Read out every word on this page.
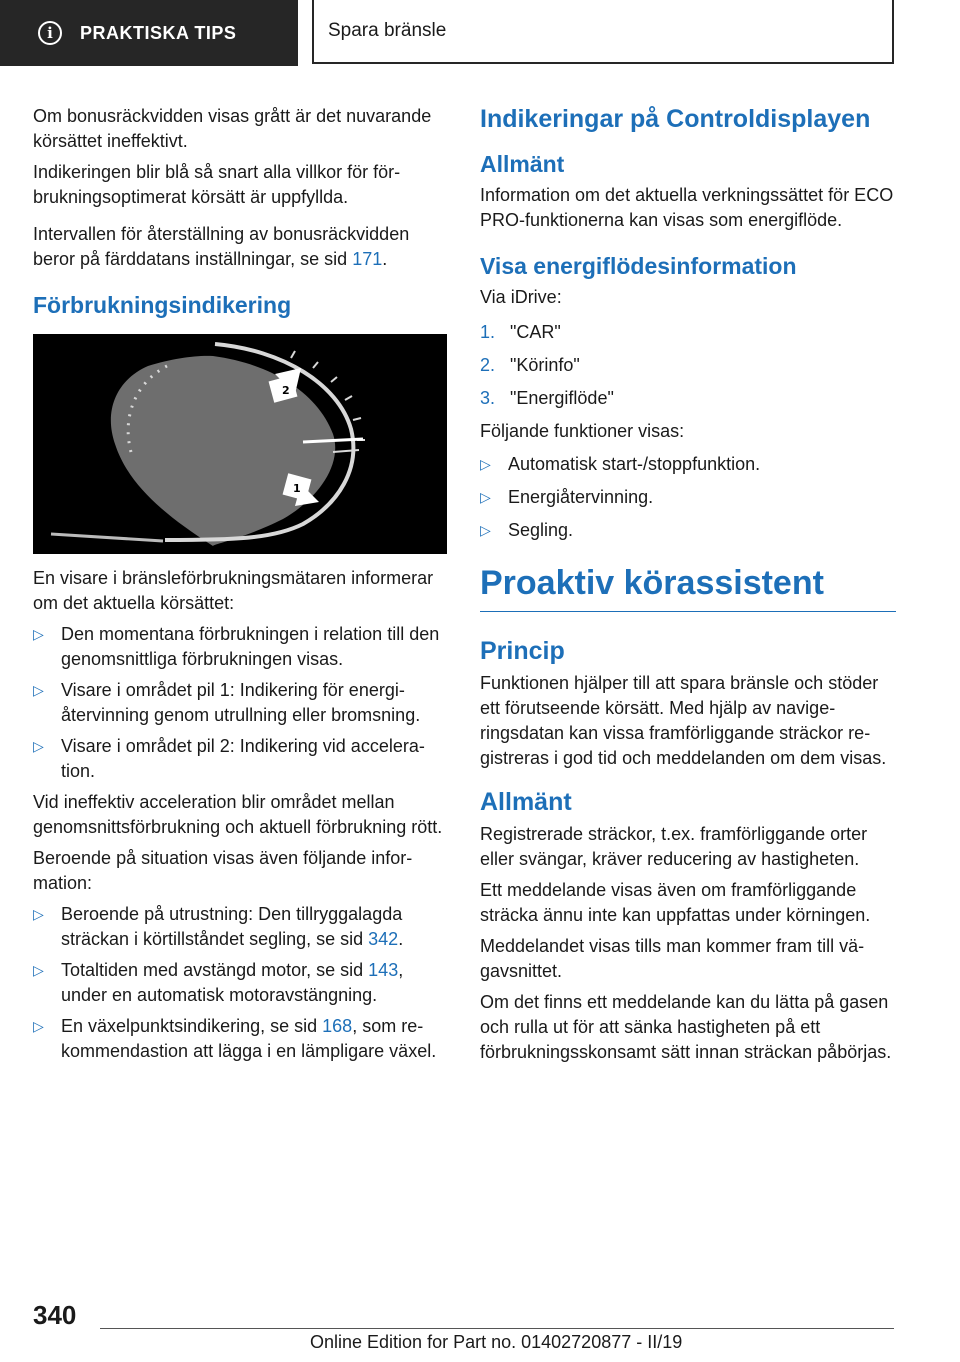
i	PRAKTISKA TIPS	Spara bränsle

Om bonusräckvidden visas grått är det nuvarande körsättet ineffektivt.

Indikeringen blir blå så snart alla villkor för förbrukningsoptimerat körsätt är uppfyllda.

Intervallen för återställning av bonusräckvidden beror på färddatans inställningar, se sid 171.

Förbrukningsindikering
2
1

En visare i bränsleförbrukningsmätaren informerar om det aktuella körsättet:

▷ Den momentana förbrukningen i relation till den genomsnittliga förbrukningen visas.
▷ Visare i området pil 1: Indikering för energiåtervinning genom utrullning eller bromsning.
▷ Visare i området pil 2: Indikering vid acceleration.

Vid ineffektiv acceleration blir området mellan genomsnittsförbrukning och aktuell förbrukning rött.

Beroende på situation visas även följande information:

▷ Beroende på utrustning: Den tillryggalagda sträckan i körtillståndet segling, se sid 342.
▷ Totaltiden med avstängd motor, se sid 143, under en automatisk motoravstängning.
▷ En växelpunktsindikering, se sid 168, som rekommendastion att lägga i en lämpligare växel.
Indikeringar på Controldisplayen
Allmänt

Information om det aktuella verkningssättet för ECO PRO-funktionerna kan visas som energiflöde.

Visa energiflödesinformation

Via iDrive:

1. "CAR"
2. "Körinfo"
3. "Energiflöde"

Följande funktioner visas:

▷ Automatisk start-/stoppfunktion.
▷ Energiåtervinning.
▷ Segling.
Proaktiv körassistent
Princip

Funktionen hjälper till att spara bränsle och stöder ett förutseende körsätt. Med hjälp av navigeringsdatan kan vissa framförliggande sträckor registreras i god tid och meddelanden om dem visas.

Allmänt

Registrerade sträckor, t.ex. framförliggande orter eller svängar, kräver reducering av hastigheten.

Ett meddelande visas även om framförliggande sträcka ännu inte kan uppfattas under körningen.

Meddelandet visas tills man kommer fram till vägavsnittet.

Om det finns ett meddelande kan du lätta på gasen och rulla ut för att sänka hastigheten på ett förbrukningsskonsamt sätt innan sträckan påbörjas.

340
Online Edition for Part no. 01402720877 - II/19
